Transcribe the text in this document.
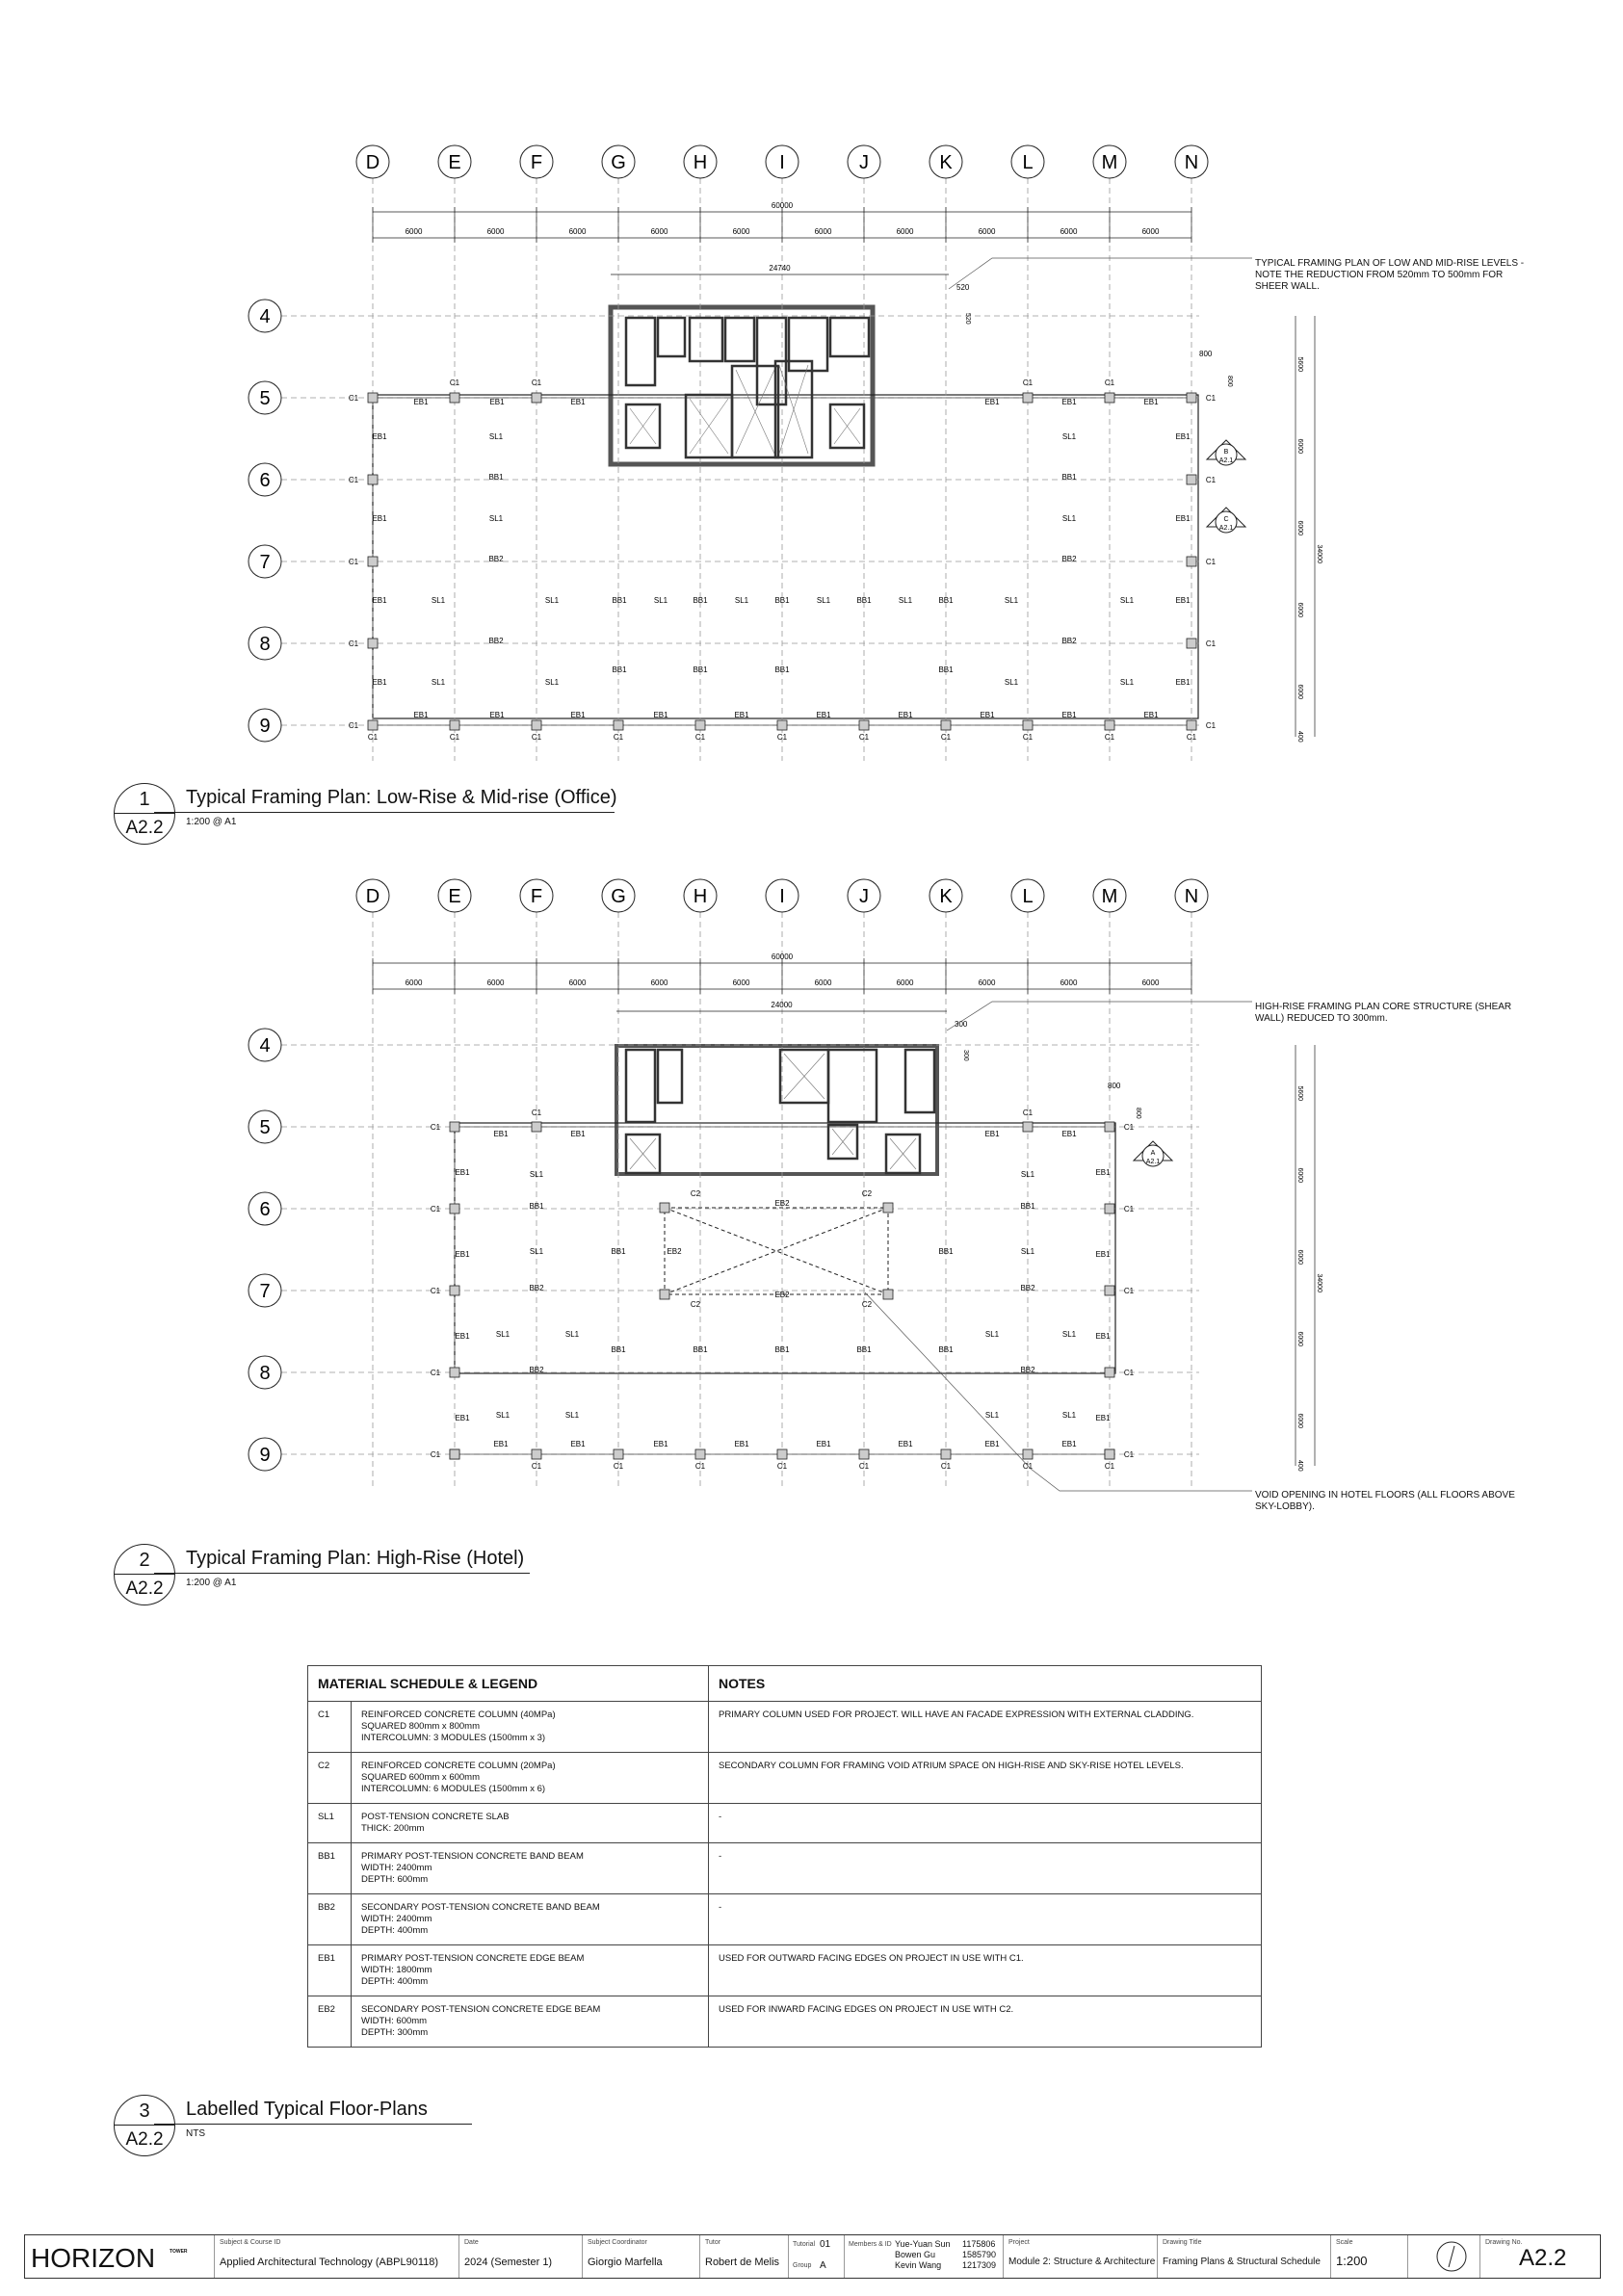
D	E	F	G	H	I	J	K	L	M	N
4
5
6
7
8
9
60000
6000	6000	6000	6000	6000	6000	6000	6000	6000	6000
24740
520
520
5600
6000
6000
6000
6000
400
34000
800
800
C1	C1	C1	C1	C1	C1	C1	C1	C1	C1	C1
C1
C1
C1
C1
C1
C1
C1
C1
C1
C1
C1	C1	C1	C1
EB1	EB1	EB1	EB1	EB1	EB1
EB1	EB1	EB1	EB1	EB1	EB1	EB1	EB1	EB1	EB1
EB1
EB1
EB1
EB1
EB1
EB1
EB1
EB1
SL1
SL1
SL1
SL1
SL1	SL1
SL1	SL1
SL1	SL1
SL1	SL1
SL1	SL1	SL1	SL1
BB1	BB1
BB1	BB1	BB1	BB1	BB1
BB1	BB1	BB1	BB1
BB2
BB2
BB2
BB2
B
A2.1
C
A2.1
D	E	F	G	H	I	J	K	L	M	N
4
5
6
7
8
9
60000
6000	6000	6000	6000	6000	6000	6000	6000	6000	6000
24000
300
300
5600
6000
6000
6000
6000
400
34000
800
800
C1	C1	C1	C1	C1	C1	C1	C1
C1
C1
C1
C1
C1
C1
C1
C1
C1
C1
C1	C1
C2	C2
C2	C2
EB1	EB1	EB1	EB1
EB1	EB1	EB1	EB1	EB1	EB1	EB1	EB1
EB1
EB1
EB1
EB1
EB1
EB1
EB1
EB1
EB2
EB2
EB2
SL1
SL1
SL1
SL1
SL1	SL1
SL1	SL1
SL1	SL1
SL1	SL1
BB1	BB1
BB1	BB1
BB1	BB1	BB1	BB1	BB1
BB2
BB2
BB2
BB2
A
A2.1
TYPICAL FRAMING PLAN OF LOW AND MID-RISE LEVELS - NOTE THE REDUCTION FROM 520mm TO 500mm FOR SHEER WALL.
HIGH-RISE FRAMING PLAN CORE STRUCTURE (SHEAR WALL) REDUCED TO 300mm.
VOID OPENING IN HOTEL FLOORS (ALL FLOORS ABOVE SKY-LOBBY).
1
A2.2
Typical Framing Plan: Low-Rise & Mid-rise (Office)
1:200 @ A1
2
A2.2
Typical Framing Plan: High-Rise (Hotel)
1:200 @ A1
MATERIAL SCHEDULE & LEGEND		NOTES
C1	REINFORCED CONCRETE COLUMN (40MPa)
SQUARED 800mm x 800mm
INTERCOLUMN: 3 MODULES (1500mm x 3)	PRIMARY COLUMN USED FOR PROJECT. WILL HAVE AN FACADE EXPRESSION WITH EXTERNAL CLADDING.
C2	REINFORCED CONCRETE COLUMN (20MPa)
SQUARED 600mm x 600mm
INTERCOLUMN: 6 MODULES (1500mm x 6)	SECONDARY COLUMN FOR FRAMING VOID ATRIUM SPACE ON HIGH-RISE AND SKY-RISE HOTEL LEVELS.
SL1	POST-TENSION CONCRETE SLAB
THICK: 200mm	-
BB1	PRIMARY POST-TENSION CONCRETE BAND BEAM
WIDTH: 2400mm
DEPTH: 600mm	-
BB2	SECONDARY POST-TENSION CONCRETE BAND BEAM
WIDTH: 2400mm
DEPTH: 400mm	-
EB1	PRIMARY POST-TENSION CONCRETE EDGE BEAM
WIDTH: 1800mm
DEPTH: 400mm	USED FOR OUTWARD FACING EDGES ON PROJECT IN USE WITH C1.
EB2	SECONDARY POST-TENSION CONCRETE EDGE BEAM
WIDTH: 600mm
DEPTH: 300mm	USED FOR INWARD FACING EDGES ON PROJECT IN USE WITH C2.
3
A2.2
Labelled Typical Floor-Plans
NTS
HORIZON	TOWER
Subject & Course ID
Applied Architectural Technology (ABPL90118)
Date
2024 (Semester 1)
Subject Coordinator
Giorgio Marfella
Tutor
Robert de Melis
Tutorial 01
Group A
Members & ID Yue-Yuan Sun 1175806
Bowen Gu	1585790
Kevin Wang 1217309
Project
Module 2: Structure & Architecture
Drawing Title
Framing Plans & Structural Schedule
Scale
1:200
Drawing No.
A2.2
